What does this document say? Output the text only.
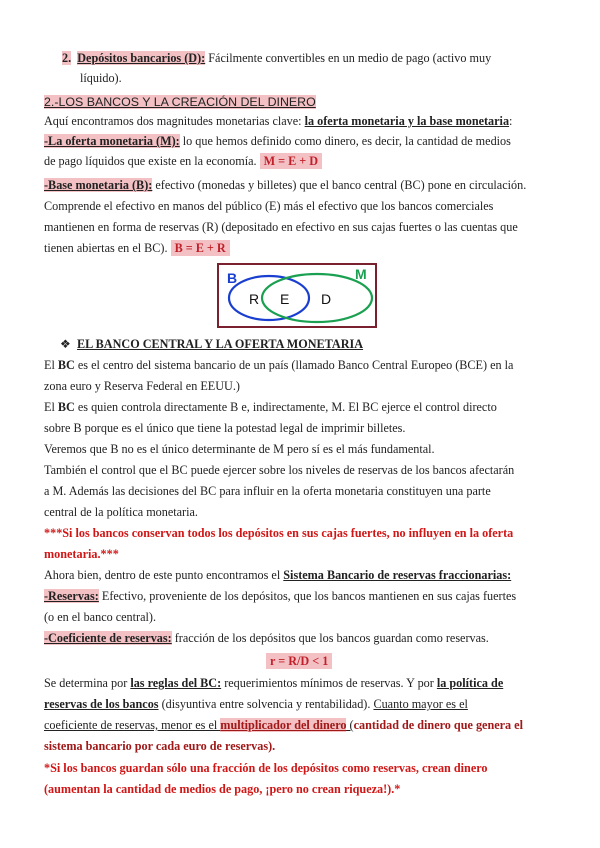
2. Depósitos bancarios (D): Fácilmente convertibles en un medio de pago (activo muy
líquido).
2.-LOS BANCOS Y LA CREACIÓN DEL DINERO
Aquí encontramos dos magnitudes monetarias clave: la oferta monetaria y la base monetaria:
-La oferta monetaria (M): lo que hemos definido como dinero, es decir, la cantidad de medios
de pago líquidos que existe en la economía. M = E + D
-Base monetaria (B): efectivo (monedas y billetes) que el banco central (BC) pone en circulación.
Comprende el efectivo en manos del público (E) más el efectivo que los bancos comerciales
mantienen en forma de reservas (R) (depositado en efectivo en sus cajas fuertes o las cuentas que
tienen abiertas en el BC). B = E + R
B	M
R E D
❖ EL BANCO CENTRAL Y LA OFERTA MONETARIA
El BC es el centro del sistema bancario de un país (llamado Banco Central Europeo (BCE) en la
zona euro y Reserva Federal en EEUU.)
El BC es quien controla directamente B e, indirectamente, M. El BC ejerce el control directo
sobre B porque es el único que tiene la potestad legal de imprimir billetes.
Veremos que B no es el único determinante de M pero sí es el más fundamental.
También el control que el BC puede ejercer sobre los niveles de reservas de los bancos afectarán
a M. Además las decisiones del BC para influir en la oferta monetaria constituyen una parte
central de la política monetaria.
***Si los bancos conservan todos los depósitos en sus cajas fuertes, no influyen en la oferta
monetaria.***
Ahora bien, dentro de este punto encontramos el Sistema Bancario de reservas fraccionarias:
-Reservas: Efectivo, proveniente de los depósitos, que los bancos mantienen en sus cajas fuertes
(o en el banco central).
-Coeficiente de reservas: fracción de los depósitos que los bancos guardan como reservas.
r = R/D < 1
Se determina por las reglas del BC: requerimientos mínimos de reservas. Y por la política de
reservas de los bancos (disyuntiva entre solvencia y rentabilidad). Cuanto mayor es el
coeficiente de reservas, menor es el multiplicador del dinero (cantidad de dinero que genera el
sistema bancario por cada euro de reservas).
*Si los bancos guardan sólo una fracción de los depósitos como reservas, crean dinero
(aumentan la cantidad de medios de pago, ¡pero no crean riqueza!).*
